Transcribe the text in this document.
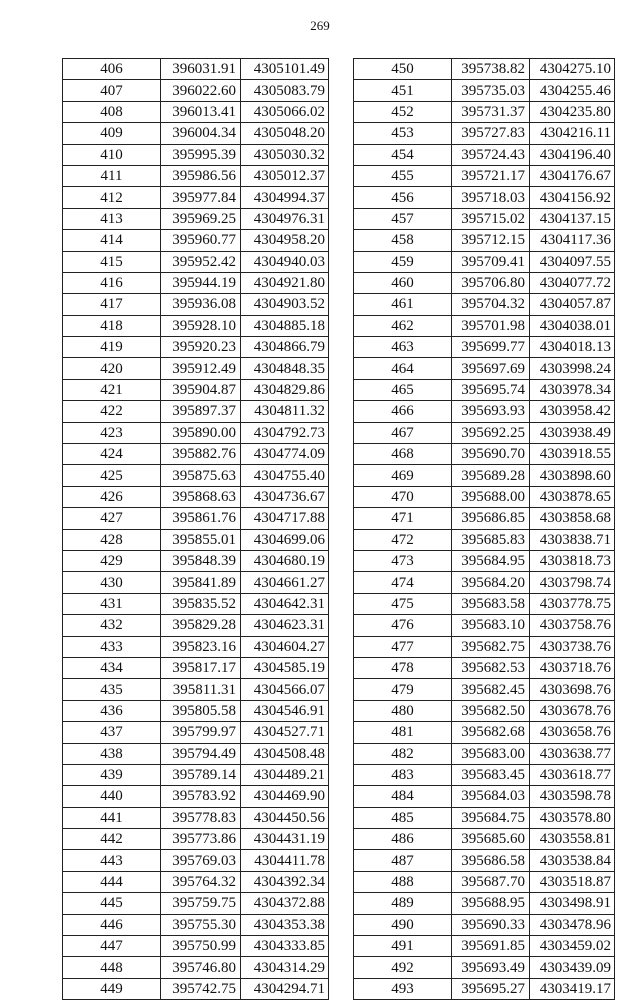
269
406	396031.91	4305101.49
407	396022.60	4305083.79
408	396013.41	4305066.02
409	396004.34	4305048.20
410	395995.39	4305030.32
411	395986.56	4305012.37
412	395977.84	4304994.37
413	395969.25	4304976.31
414	395960.77	4304958.20
415	395952.42	4304940.03
416	395944.19	4304921.80
417	395936.08	4304903.52
418	395928.10	4304885.18
419	395920.23	4304866.79
420	395912.49	4304848.35
421	395904.87	4304829.86
422	395897.37	4304811.32
423	395890.00	4304792.73
424	395882.76	4304774.09
425	395875.63	4304755.40
426	395868.63	4304736.67
427	395861.76	4304717.88
428	395855.01	4304699.06
429	395848.39	4304680.19
430	395841.89	4304661.27
431	395835.52	4304642.31
432	395829.28	4304623.31
433	395823.16	4304604.27
434	395817.17	4304585.19
435	395811.31	4304566.07
436	395805.58	4304546.91
437	395799.97	4304527.71
438	395794.49	4304508.48
439	395789.14	4304489.21
440	395783.92	4304469.90
441	395778.83	4304450.56
442	395773.86	4304431.19
443	395769.03	4304411.78
444	395764.32	4304392.34
445	395759.75	4304372.88
446	395755.30	4304353.38
447	395750.99	4304333.85
448	395746.80	4304314.29
449	395742.75	4304294.71
450	395738.82	4304275.10
451	395735.03	4304255.46
452	395731.37	4304235.80
453	395727.83	4304216.11
454	395724.43	4304196.40
455	395721.17	4304176.67
456	395718.03	4304156.92
457	395715.02	4304137.15
458	395712.15	4304117.36
459	395709.41	4304097.55
460	395706.80	4304077.72
461	395704.32	4304057.87
462	395701.98	4304038.01
463	395699.77	4304018.13
464	395697.69	4303998.24
465	395695.74	4303978.34
466	395693.93	4303958.42
467	395692.25	4303938.49
468	395690.70	4303918.55
469	395689.28	4303898.60
470	395688.00	4303878.65
471	395686.85	4303858.68
472	395685.83	4303838.71
473	395684.95	4303818.73
474	395684.20	4303798.74
475	395683.58	4303778.75
476	395683.10	4303758.76
477	395682.75	4303738.76
478	395682.53	4303718.76
479	395682.45	4303698.76
480	395682.50	4303678.76
481	395682.68	4303658.76
482	395683.00	4303638.77
483	395683.45	4303618.77
484	395684.03	4303598.78
485	395684.75	4303578.80
486	395685.60	4303558.81
487	395686.58	4303538.84
488	395687.70	4303518.87
489	395688.95	4303498.91
490	395690.33	4303478.96
491	395691.85	4303459.02
492	395693.49	4303439.09
493	395695.27	4303419.17
